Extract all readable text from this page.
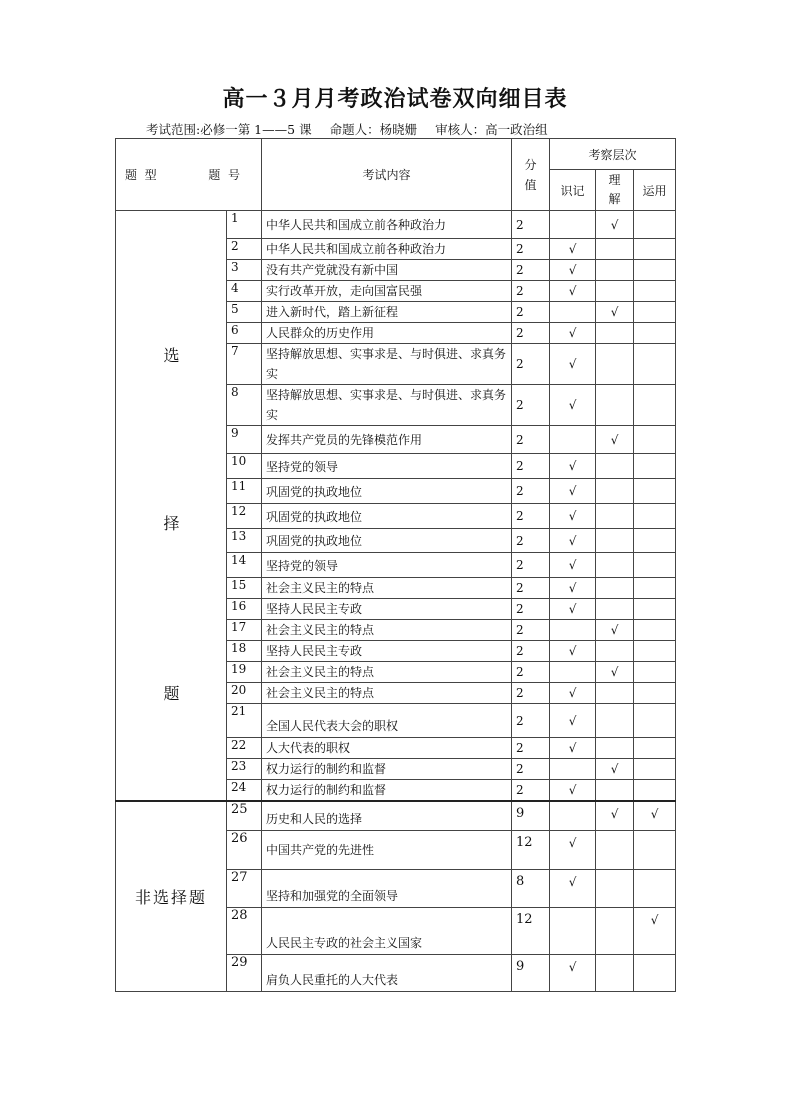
高一３月月考政治试卷双向细目表
考试范围:必修一第 1——5 课 命题人：杨晓姗 审核人：高一政治组
题  型 题  号		考试内容	分值	考察层次		
				识记	理解	运用

选
择
题	1	中华人民共和国成立前各种政治力	2		√	
	2	中华人民共和国成立前各种政治力	2	√		
	3	没有共产党就没有新中国	2	√		
	4	实行改革开放，走向国富民强	2	√		
	5	进入新时代，踏上新征程	2		√	
	6	人民群众的历史作用	2	√		
	7	坚持解放思想、实事求是、与时俱进、求真务实	2	√		
	8	坚持解放思想、实事求是、与时俱进、求真务实	2	√		
	9	发挥共产党员的先锋模范作用	2		√	
	10	坚持党的领导	2	√		
	11	巩固党的执政地位	2	√		
	12	巩固党的执政地位	2	√		
	13	巩固党的执政地位	2	√		
	14	坚持党的领导	2	√		
	15	社会主义民主的特点	2	√		
	16	坚持人民民主专政	2	√		
	17	社会主义民主的特点	2		√	
	18	坚持人民民主专政	2	√		
	19	社会主义民主的特点	2		√	
	20	社会主义民主的特点	2	√		
	21	全国人民代表大会的职权	2	√		
	22	人大代表的职权	2	√		
	23	权力运行的制约和监督	2		√	
	24	权力运行的制约和监督	2	√		
非选择题	25	历史和人民的选择	9		√	√
	26	中国共产党的先进性	12	√		
	27	坚持和加强党的全面领导	8	√		
	28	人民民主专政的社会主义国家	12			√
	29	肩负人民重托的人大代表	9	√		
